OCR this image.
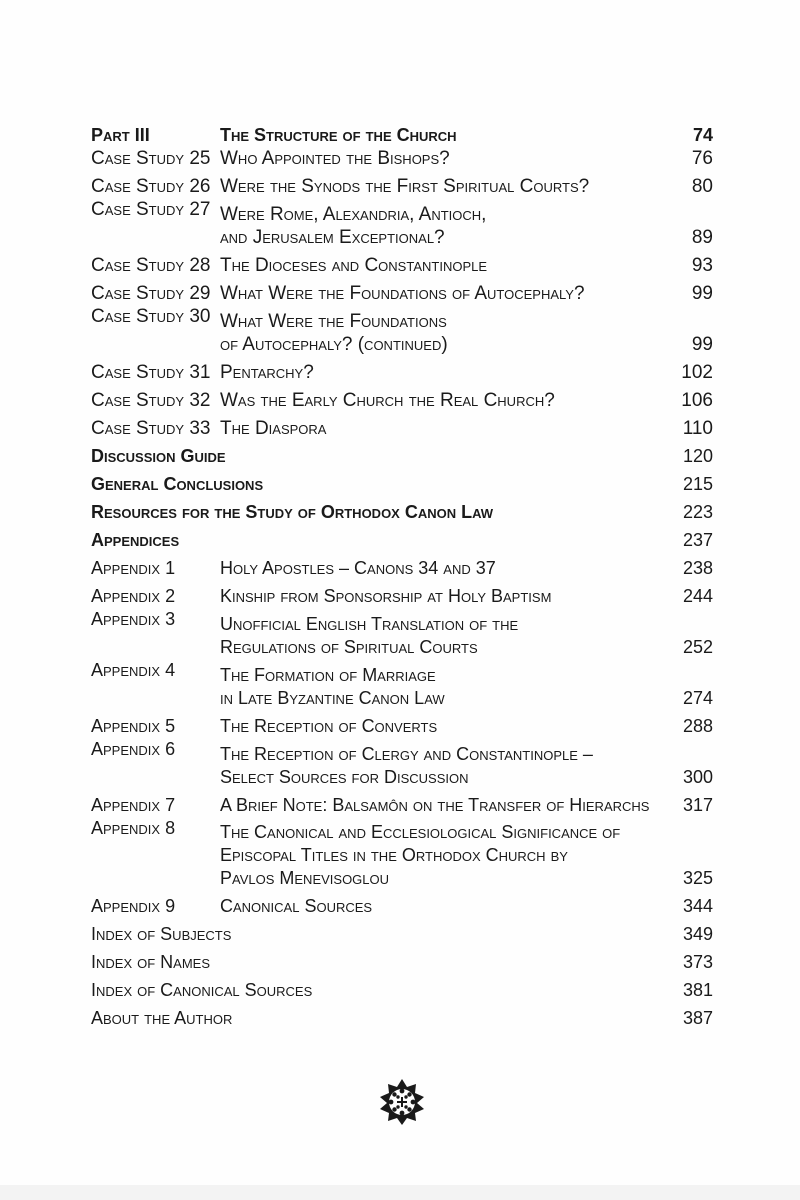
Part III	The Structure of the Church	74
Case Study 25 Who Appointed the Bishops?	76
Case Study 26 Were the Synods the First Spiritual Courts?	80
Case Study 27 Were Rome, Alexandria, Antioch,
and Jerusalem Exceptional?	89
Case Study 28 The Dioceses and Constantinople	93
Case Study 29 What Were the Foundations of Autocephaly?	99
Case Study 30 What Were the Foundations
of Autocephaly? (continued)	99
Case Study 31 Pentarchy?	102
Case Study 32 Was the Early Church the Real Church?	106
Case Study 33 The Diaspora	110
Discussion Guide	120
General Conclusions	215
Resources for the Study of Orthodox Canon Law	223
Appendices	237
Appendix 1	Holy Apostles – Canons 34 and 37	238
Appendix 2	Kinship from Sponsorship at Holy Baptism	244
Appendix 3	Unofficial English Translation of the
Regulations of Spiritual Courts	252
Appendix 4	The Formation of Marriage
in Late Byzantine Canon Law	274
Appendix 5	The Reception of Converts	288
Appendix 6	The Reception of Clergy and Constantinople –
Select Sources for Discussion	300
Appendix 7	A Brief Note: Balsamôn on the Transfer of Hierarchs	317
Appendix 8	The Canonical and Ecclesiological Significance of
Episcopal Titles in the Orthodox Church by
Pavlos Menevisoglou	325
Appendix 9	Canonical Sources	344
Index of Subjects	349
Index of Names	373
Index of Canonical Sources	381
About the Author	387
